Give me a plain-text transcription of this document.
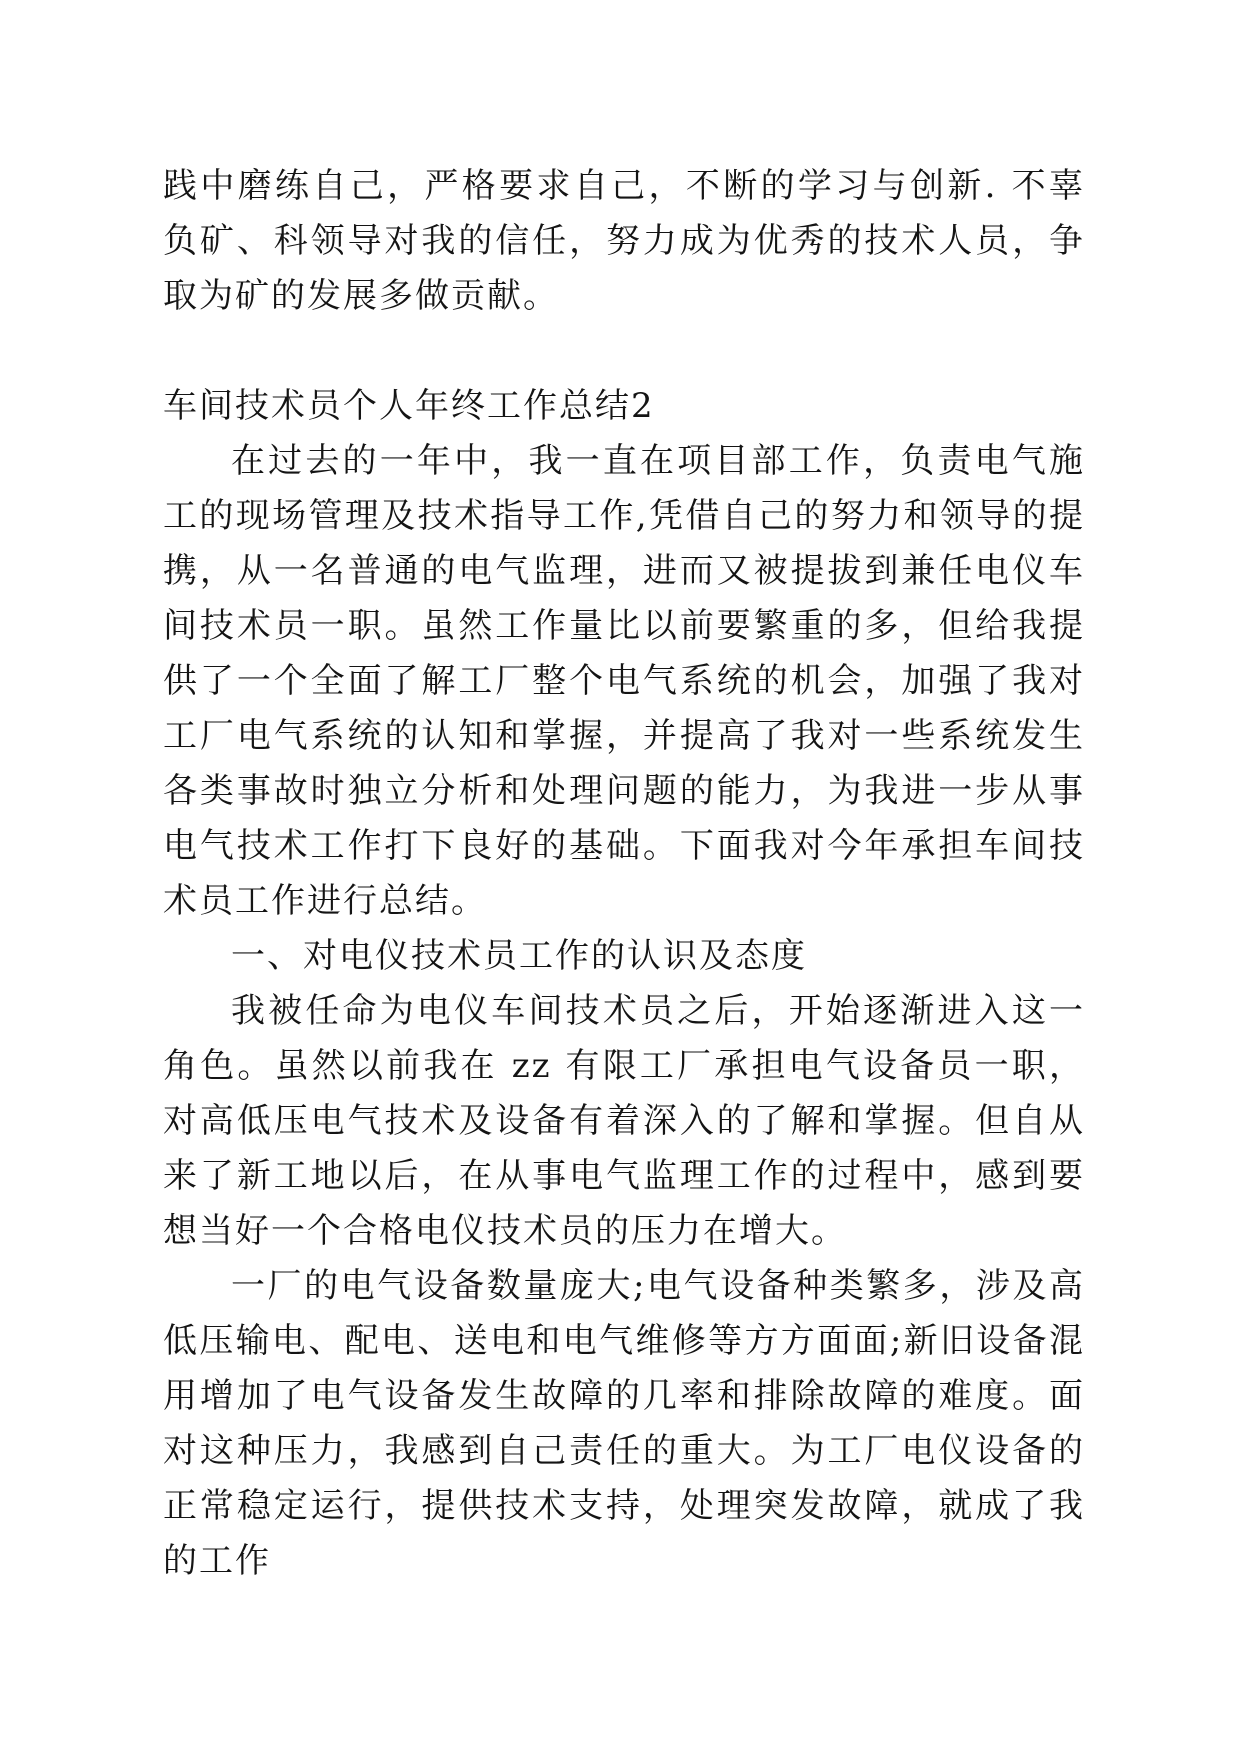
践中磨练自己，严格要求自己，不断的学习与创新. 不辜负矿、科领导对我的信任，努力成为优秀的技术人员，争取为矿的发展多做贡献。

车间技术员个人年终工作总结2

在过去的一年中，我一直在项目部工作，负责电气施工的现场管理及技术指导工作,凭借自己的努力和领导的提携，从一名普通的电气监理，进而又被提拔到兼任电仪车间技术员一职。虽然工作量比以前要繁重的多，但给我提供了一个全面了解工厂整个电气系统的机会，加强了我对工厂电气系统的认知和掌握，并提高了我对一些系统发生各类事故时独立分析和处理问题的能力，为我进一步从事电气技术工作打下良好的基础。下面我对今年承担车间技术员工作进行总结。

一、对电仪技术员工作的认识及态度

我被任命为电仪车间技术员之后，开始逐渐进入这一角色。虽然以前我在 zz 有限工厂承担电气设备员一职，对高低压电气技术及设备有着深入的了解和掌握。但自从来了新工地以后，在从事电气监理工作的过程中，感到要想当好一个合格电仪技术员的压力在增大。

一厂的电气设备数量庞大;电气设备种类繁多，涉及高低压输电、配电、送电和电气维修等方方面面;新旧设备混用增加了电气设备发生故障的几率和排除故障的难度。面对这种压力，我感到自己责任的重大。为工厂电仪设备的正常稳定运行，提供技术支持，处理突发故障，就成了我的工作
